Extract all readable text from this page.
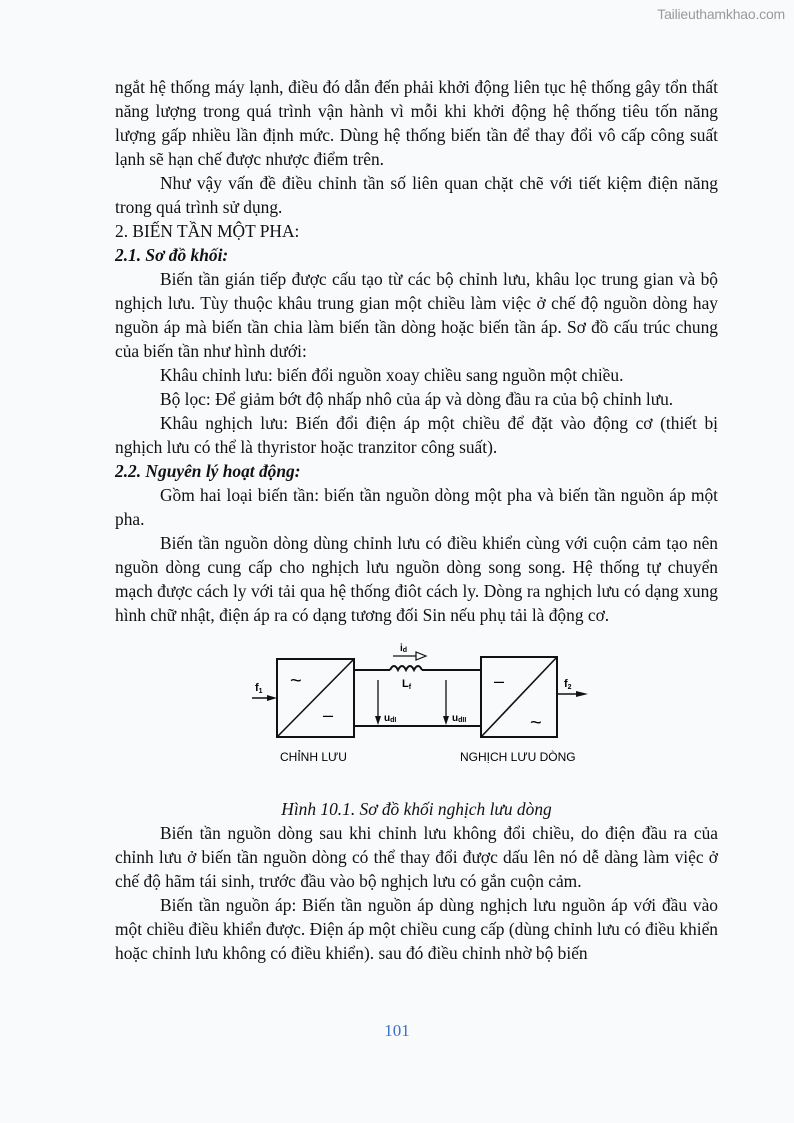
Tailieuthamkhao.com

ngắt hệ thống máy lạnh, điều đó dẫn đến phải khởi động liên tục hệ thống gây tổn thất năng lượng trong quá trình vận hành vì mỗi khi khởi động hệ thống tiêu tốn năng lượng gấp nhiều lần định mức. Dùng hệ thống biến tần để thay đổi vô cấp công suất lạnh sẽ hạn chế được nhược điểm trên.

Như vậy vấn đề điều chỉnh tần số liên quan chặt chẽ với tiết kiệm điện năng trong quá trình sử dụng.

2. BIẾN TẦN MỘT PHA:
2.1. Sơ đồ khối:

Biến tần gián tiếp được cấu tạo từ các bộ chỉnh lưu, khâu lọc trung gian và bộ nghịch lưu. Tùy thuộc khâu trung gian một chiều làm việc ở chế độ nguồn dòng hay nguồn áp mà biến tần chia làm biến tần dòng hoặc biến tần áp. Sơ đồ cấu trúc chung của biến tần như hình dưới:

Khâu chỉnh lưu: biến đổi nguồn xoay chiều sang nguồn một chiều.

Bộ lọc: Để giảm bớt độ nhấp nhô của áp và dòng đầu ra của bộ chỉnh lưu.

Khâu nghịch lưu: Biến đổi điện áp một chiều để đặt vào động cơ (thiết bị nghịch lưu có thể là thyristor hoặc tranzitor công suất).

2.2. Nguyên lý hoạt động:

Gồm hai loại biến tần: biến tần nguồn dòng một pha và biến tần nguồn áp một pha.

Biến tần nguồn dòng dùng chỉnh lưu có điều khiển cùng với cuộn cảm tạo nên nguồn dòng cung cấp cho nghịch lưu nguồn dòng song song. Hệ thống tự chuyển mạch được cách ly với tải qua hệ thống điôt cách ly. Dòng ra nghịch lưu có dạng xung hình chữ nhật, điện áp ra có dạng tương đối Sin nếu phụ tải là động cơ.

~
–
f1
id
Lf
udI	udII
–
~
f2
CHỈNH LƯU	NGHỊCH LƯU DÒNG

Hình 10.1. Sơ đồ khối nghịch lưu dòng

Biến tần nguồn dòng sau khi chỉnh lưu không đổi chiều, do điện đầu ra của chỉnh lưu ở biến tần nguồn dòng có thể thay đổi được dấu lên nó dễ dàng làm việc ở chế độ hãm tái sinh, trước đầu vào bộ nghịch lưu có gắn cuộn cảm.

Biến tần nguồn áp: Biến tần nguồn áp dùng nghịch lưu nguồn áp với đầu vào một chiều điều khiển được. Điện áp một chiều cung cấp (dùng chỉnh lưu có điều khiển hoặc chỉnh lưu không có điều khiển). sau đó điều chỉnh nhờ bộ biến

101
